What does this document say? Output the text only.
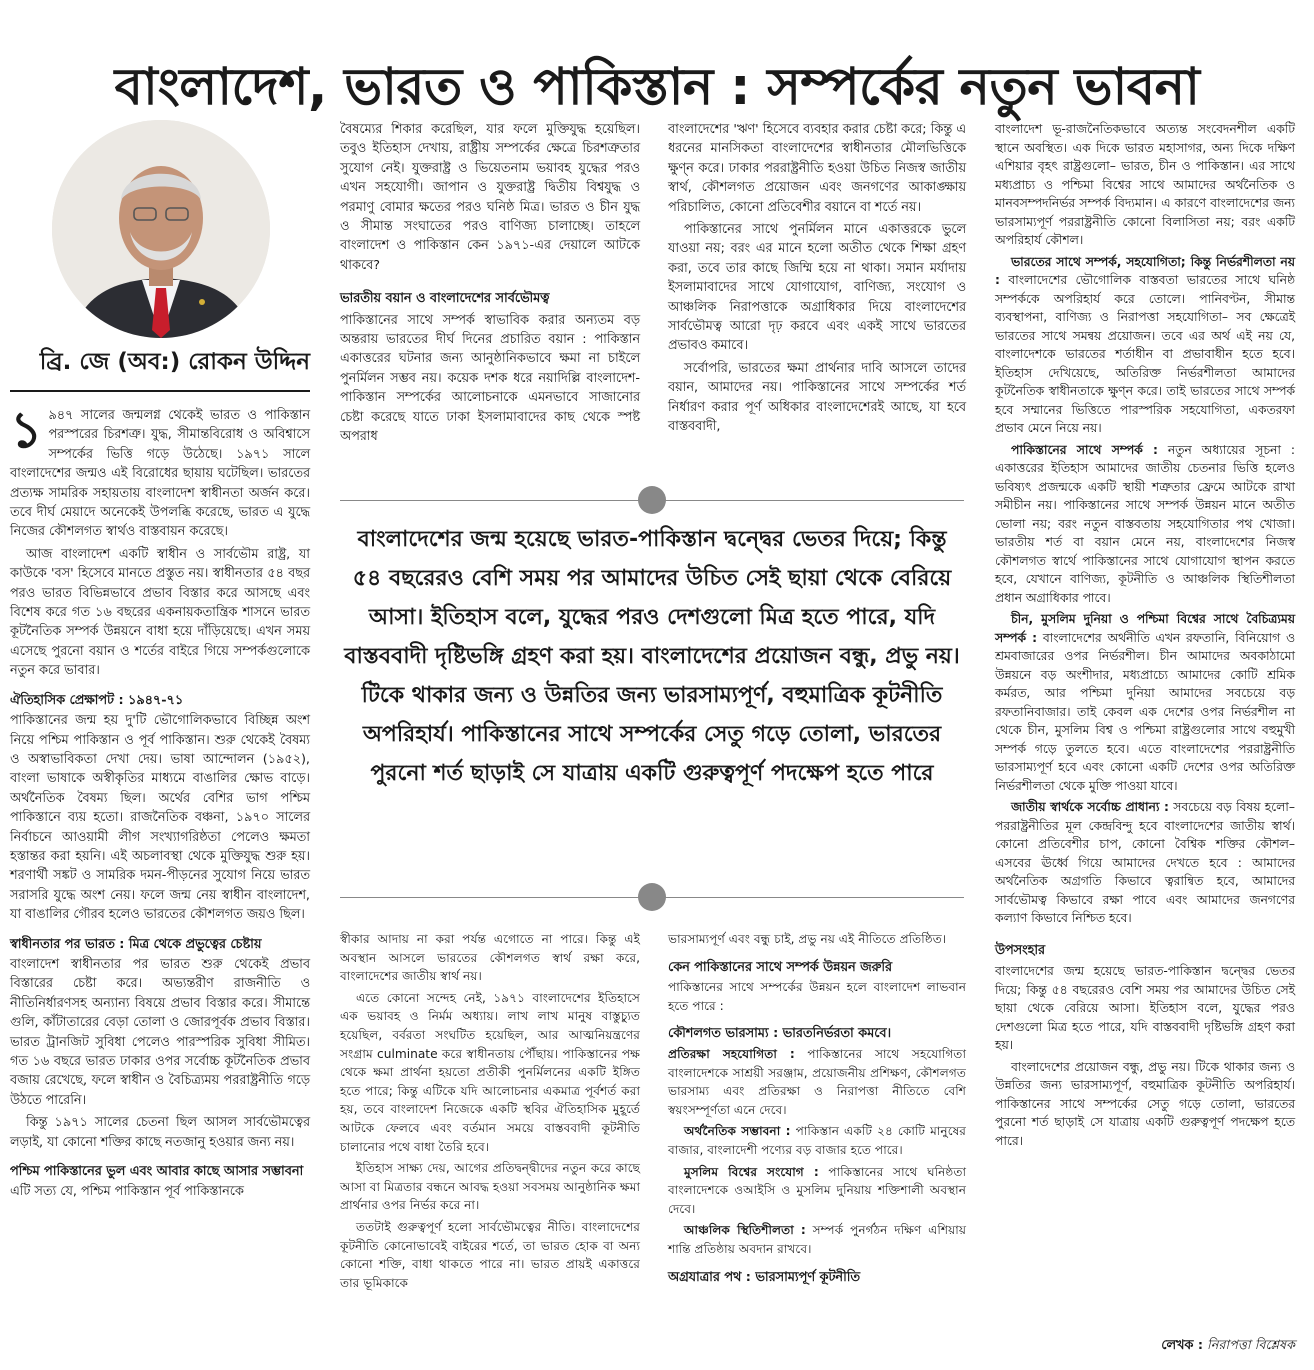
বাংলাদেশ, ভারত ও পাকিস্তান : সম্পর্কের নতুন ভাবনা
ব্রি. জে (অব:) রোকন উদ্দিন

১ ৯৪৭ সালের জন্মলগ্ন থেকেই ভারত ও পাকিস্তান পরস্পরের চিরশত্রু। যুদ্ধ, সীমান্তবিরোধ ও অবিশ্বাসে সম্পর্কের ভিত্তি গড়ে উঠেছে। ১৯৭১ সালে বাংলাদেশের জন্মও এই বিরোধের ছায়ায় ঘটেছিল। ভারতের প্রত্যক্ষ সামরিক সহায়তায় বাংলাদেশ স্বাধীনতা অর্জন করে। তবে দীর্ঘ মেয়াদে অনেকেই উপলব্ধি করেছে, ভারত এ যুদ্ধে নিজের কৌশলগত স্বার্থও বাস্তবায়ন করেছে।

আজ বাংলাদেশ একটি স্বাধীন ও সার্বভৌম রাষ্ট্র, যা কাউকে 'বস' হিসেবে মানতে প্রস্তুত নয়। স্বাধীনতার ৫৪ বছর পরও ভারত বিভিন্নভাবে প্রভাব বিস্তার করে আসছে এবং বিশেষ করে গত ১৬ বছরের একনায়কতান্ত্রিক শাসনে ভারত কূটনৈতিক সম্পর্ক উন্নয়নে বাধা হয়ে দাঁড়িয়েছে। এখন সময় এসেছে পুরনো বয়ান ও শর্তের বাইরে গিয়ে সম্পর্কগুলোকে নতুন করে ভাবার।

ঐতিহাসিক প্রেক্ষাপট : ১৯৪৭-৭১

পাকিস্তানের জন্ম হয় দু'টি ভৌগোলিকভাবে বিচ্ছিন্ন অংশ নিয়ে পশ্চিম পাকিস্তান ও পূর্ব পাকিস্তান। শুরু থেকেই বৈষম্য ও অস্বাভাবিকতা দেখা দেয়। ভাষা আন্দোলন (১৯৫২), বাংলা ভাষাকে অস্বীকৃতির মাধ্যমে বাঙালির ক্ষোভ বাড়ে। অর্থনৈতিক বৈষম্য ছিল। অর্থের বেশির ভাগ পশ্চিম পাকিস্তানে ব্যয় হতো। রাজনৈতিক বঞ্চনা, ১৯৭০ সালের নির্বাচনে আওয়ামী লীগ সংখ্যাগরিষ্ঠতা পেলেও ক্ষমতা হস্তান্তর করা হয়নি। এই অচলাবস্থা থেকে মুক্তিযুদ্ধ শুরু হয়। শরণার্থী সঙ্কট ও সামরিক দমন-পীড়নের সুযোগ নিয়ে ভারত সরাসরি যুদ্ধে অংশ নেয়। ফলে জন্ম নেয় স্বাধীন বাংলাদেশ, যা বাঙালির গৌরব হলেও ভারতের কৌশলগত জয়ও ছিল।

স্বাধীনতার পর ভারত : মিত্র থেকে প্রভুত্বের চেষ্টায়

বাংলাদেশ স্বাধীনতার পর ভারত শুরু থেকেই প্রভাব বিস্তারের চেষ্টা করে। অভ্যন্তরীণ রাজনীতি ও নীতিনির্ধারণসহ অন্যান্য বিষয়ে প্রভাব বিস্তার করে। সীমান্তে গুলি, কাঁটাতারের বেড়া তোলা ও জোরপূর্বক প্রভাব বিস্তার। ভারত ট্রানজিট সুবিধা পেলেও পারস্পরিক সুবিধা সীমিত। গত ১৬ বছরে ভারত ঢাকার ওপর সর্বোচ্চ কূটনৈতিক প্রভাব বজায় রেখেছে, ফলে স্বাধীন ও বৈচিত্র্যময় পররাষ্ট্রনীতি গড়ে উঠতে পারেনি।

কিন্তু ১৯৭১ সালের চেতনা ছিল আসল সার্বভৌমত্বের লড়াই, যা কোনো শক্তির কাছে নতজানু হওয়ার জন্য নয়।

পশ্চিম পাকিস্তানের ভুল এবং আবার কাছে আসার সম্ভাবনা

এটি সত্য যে, পশ্চিম পাকিস্তান পূর্ব পাকিস্তানকে

বৈষম্যের শিকার করেছিল, যার ফলে মুক্তিযুদ্ধ হয়েছিল। তবুও ইতিহাস দেখায়, রাষ্ট্রীয় সম্পর্কের ক্ষেত্রে চিরশত্রুতার সুযোগ নেই। যুক্তরাষ্ট্র ও ভিয়েতনাম ভয়াবহ যুদ্ধের পরও এখন সহযোগী। জাপান ও যুক্তরাষ্ট্র দ্বিতীয় বিশ্বযুদ্ধ ও পরমাণু বোমার ক্ষতের পরও ঘনিষ্ঠ মিত্র। ভারত ও চীন যুদ্ধ ও সীমান্ত সংঘাতের পরও বাণিজ্য চালাচ্ছে। তাহলে বাংলাদেশ ও পাকিস্তান কেন ১৯৭১-এর দেয়ালে আটকে থাকবে?

ভারতীয় বয়ান ও বাংলাদেশের সার্বভৌমত্ব

পাকিস্তানের সাথে সম্পর্ক স্বাভাবিক করার অন্যতম বড় অন্তরায় ভারতের দীর্ঘ দিনের প্রচারিত বয়ান : পাকিস্তান একাত্তরের ঘটনার জন্য আনুষ্ঠানিকভাবে ক্ষমা না চাইলে পুনর্মিলন সম্ভব নয়। কয়েক দশক ধরে নয়াদিল্লি বাংলাদেশ-পাকিস্তান সম্পর্কের আলোচনাকে এমনভাবে সাজানোর চেষ্টা করেছে যাতে ঢাকা ইসলামাবাদের কাছ থেকে স্পষ্ট অপরাধ

বাংলাদেশের 'ঋণ' হিসেবে ব্যবহার করার চেষ্টা করে; কিন্তু এ ধরনের মানসিকতা বাংলাদেশের স্বাধীনতার মৌলভিত্তিকে ক্ষুণ্ন করে। ঢাকার পররাষ্ট্রনীতি হওয়া উচিত নিজস্ব জাতীয় স্বার্থ, কৌশলগত প্রয়োজন এবং জনগণের আকাঙ্ক্ষায় পরিচালিত, কোনো প্রতিবেশীর বয়ানে বা শর্তে নয়।

পাকিস্তানের সাথে পুনর্মিলন মানে একাত্তরকে ভুলে যাওয়া নয়; বরং এর মানে হলো অতীত থেকে শিক্ষা গ্রহণ করা, তবে তার কাছে জিম্মি হয়ে না থাকা। সমান মর্যাদায় ইসলামাবাদের সাথে যোগাযোগ, বাণিজ্য, সংযোগ ও আঞ্চলিক নিরাপত্তাকে অগ্রাধিকার দিয়ে বাংলাদেশের সার্বভৌমত্ব আরো দৃঢ় করবে এবং একই সাথে ভারতের প্রভাবও কমাবে।

সর্বোপরি, ভারতের ক্ষমা প্রার্থনার দাবি আসলে তাদের বয়ান, আমাদের নয়। পাকিস্তানের সাথে সম্পর্কের শর্ত নির্ধারণ করার পূর্ণ অধিকার বাংলাদেশেরই আছে, যা হবে বাস্তববাদী,

বাংলাদেশের জন্ম হয়েছে ভারত-পাকিস্তান দ্বন্দ্বের ভেতর দিয়ে; কিন্তু ৫৪ বছরেরও বেশি সময় পর আমাদের উচিত সেই ছায়া থেকে বেরিয়ে আসা। ইতিহাস বলে, যুদ্ধের পরও দেশগুলো মিত্র হতে পারে, যদি বাস্তববাদী দৃষ্টিভঙ্গি গ্রহণ করা হয়। বাংলাদেশের প্রয়োজন বন্ধু, প্রভু নয়। টিকে থাকার জন্য ও উন্নতির জন্য ভারসাম্যপূর্ণ, বহুমাত্রিক কূটনীতি অপরিহার্য। পাকিস্তানের সাথে সম্পর্কের সেতু গড়ে তোলা, ভারতের পুরনো শর্ত ছাড়াই সে যাত্রায় একটি গুরুত্বপূর্ণ পদক্ষেপ হতে পারে

স্বীকার আদায় না করা পর্যন্ত এগোতে না পারে। কিন্তু এই অবস্থান আসলে ভারতের কৌশলগত স্বার্থ রক্ষা করে, বাংলাদেশের জাতীয় স্বার্থ নয়।

এতে কোনো সন্দেহ নেই, ১৯৭১ বাংলাদেশের ইতিহাসে এক ভয়াবহ ও নির্মম অধ্যায়। লাখ লাখ মানুষ বাস্তুচ্যুত হয়েছিল, বর্বরতা সংঘটিত হয়েছিল, আর আত্মনিয়ন্ত্রণের সংগ্রাম culminate করে স্বাধীনতায় পৌঁছায়। পাকিস্তানের পক্ষ থেকে ক্ষমা প্রার্থনা হয়তো প্রতীকী পুনর্মিলনের একটি ইঙ্গিত হতে পারে; কিন্তু এটিকে যদি আলোচনার একমাত্র পূর্বশর্ত করা হয়, তবে বাংলাদেশ নিজেকে একটি স্থবির ঐতিহাসিক মুহূর্তে আটকে ফেলবে এবং বর্তমান সময়ে বাস্তববাদী কূটনীতি চালানোর পথে বাধা তৈরি হবে।

ইতিহাস সাক্ষ্য দেয়, আগের প্রতিদ্বন্দ্বীদের নতুন করে কাছে আসা বা মিত্রতার বন্ধনে আবদ্ধ হওয়া সবসময় আনুষ্ঠানিক ক্ষমা প্রার্থনার ওপর নির্ভর করে না।

ততটাই গুরুত্বপূর্ণ হলো সার্বভৌমত্বের নীতি। বাংলাদেশের কূটনীতি কোনোভাবেই বাইরের শর্তে, তা ভারত হোক বা অন্য কোনো শক্তি, বাধা থাকতে পারে না। ভারত প্রায়ই একাত্তরে তার ভূমিকাকে

ভারসাম্যপূর্ণ এবং বন্ধু চাই, প্রভু নয় এই নীতিতে প্রতিষ্ঠিত।

কেন পাকিস্তানের সাথে সম্পর্ক উন্নয়ন জরুরি

পাকিস্তানের সাথে সম্পর্কের উন্নয়ন হলে বাংলাদেশ লাভবান হতে পারে :

কৌশলগত ভারসাম্য : ভারতনির্ভরতা কমবে।

প্রতিরক্ষা সহযোগিতা : পাকিস্তানের সাথে সহযোগিতা বাংলাদেশকে সাশ্রয়ী সরঞ্জাম, প্রয়োজনীয় প্রশিক্ষণ, কৌশলগত ভারসাম্য এবং প্রতিরক্ষা ও নিরাপত্তা নীতিতে বেশি স্বয়ংসম্পূর্ণতা এনে দেবে।

অর্থনৈতিক সম্ভাবনা : পাকিস্তান একটি ২৪ কোটি মানুষের বাজার, বাংলাদেশী পণ্যের বড় বাজার হতে পারে।

মুসলিম বিশ্বের সংযোগ : পাকিস্তানের সাথে ঘনিষ্ঠতা বাংলাদেশকে ওআইসি ও মুসলিম দুনিয়ায় শক্তিশালী অবস্থান দেবে।

আঞ্চলিক স্থিতিশীলতা : সম্পর্ক পুনর্গঠন দক্ষিণ এশিয়ায় শান্তি প্রতিষ্ঠায় অবদান রাখবে।

অগ্রযাত্রার পথ : ভারসাম্যপূর্ণ কূটনীতি

বাংলাদেশ ভূ-রাজনৈতিকভাবে অত্যন্ত সংবেদনশীল একটি স্থানে অবস্থিত। এক দিকে ভারত মহাসাগর, অন্য দিকে দক্ষিণ এশিয়ার বৃহৎ রাষ্ট্রগুলো– ভারত, চীন ও পাকিস্তান। এর সাথে মধ্যপ্রাচ্য ও পশ্চিমা বিশ্বের সাথে আমাদের অর্থনৈতিক ও মানবসম্পদনির্ভর সম্পর্ক বিদ্যমান। এ কারণে বাংলাদেশের জন্য ভারসাম্যপূর্ণ পররাষ্ট্রনীতি কোনো বিলাসিতা নয়; বরং একটি অপরিহার্য কৌশল।

ভারতের সাথে সম্পর্ক, সহযোগিতা; কিন্তু নির্ভরশীলতা নয় : বাংলাদেশের ভৌগোলিক বাস্তবতা ভারতের সাথে ঘনিষ্ঠ সম্পর্ককে অপরিহার্য করে তোলে। পানিবণ্টন, সীমান্ত ব্যবস্থাপনা, বাণিজ্য ও নিরাপত্তা সহযোগিতা– সব ক্ষেত্রেই ভারতের সাথে সমন্বয় প্রয়োজন। তবে এর অর্থ এই নয় যে, বাংলাদেশকে ভারতের শর্তাধীন বা প্রভাবাধীন হতে হবে। ইতিহাস দেখিয়েছে, অতিরিক্ত নির্ভরশীলতা আমাদের কূটনৈতিক স্বাধীনতাকে ক্ষুণ্ন করে। তাই ভারতের সাথে সম্পর্ক হবে সম্মানের ভিত্তিতে পারস্পরিক সহযোগিতা, একতরফা প্রভাব মেনে নিয়ে নয়।

পাকিস্তানের সাথে সম্পর্ক : নতুন অধ্যায়ের সূচনা : একাত্তরের ইতিহাস আমাদের জাতীয় চেতনার ভিত্তি হলেও ভবিষ্যৎ প্রজন্মকে একটি স্থায়ী শত্রুতার ফ্রেমে আটকে রাখা সমীচীন নয়। পাকিস্তানের সাথে সম্পর্ক উন্নয়ন মানে অতীত ভোলা নয়; বরং নতুন বাস্তবতায় সহযোগিতার পথ খোজা। ভারতীয় শর্ত বা বয়ান মেনে নয়, বাংলাদেশের নিজস্ব কৌশলগত স্বার্থে পাকিস্তানের সাথে যোগাযোগ স্থাপন করতে হবে, যেখানে বাণিজ্য, কূটনীতি ও আঞ্চলিক স্থিতিশীলতা প্রধান অগ্রাধিকার পাবে।

চীন, মুসলিম দুনিয়া ও পশ্চিমা বিশ্বের সাথে বৈচিত্র্যময় সম্পর্ক : বাংলাদেশের অর্থনীতি এখন রফতানি, বিনিয়োগ ও শ্রমবাজারের ওপর নির্ভরশীল। চীন আমাদের অবকাঠামো উন্নয়নে বড় অংশীদার, মধ্যপ্রাচ্যে আমাদের কোটি শ্রমিক কর্মরত, আর পশ্চিমা দুনিয়া আমাদের সবচেয়ে বড় রফতানিবাজার। তাই কেবল এক দেশের ওপর নির্ভরশীল না থেকে চীন, মুসলিম বিশ্ব ও পশ্চিমা রাষ্ট্রগুলোর সাথে বহুমুখী সম্পর্ক গড়ে তুলতে হবে। এতে বাংলাদেশের পররাষ্ট্রনীতি ভারসাম্যপূর্ণ হবে এবং কোনো একটি দেশের ওপর অতিরিক্ত নির্ভরশীলতা থেকে মুক্তি পাওয়া যাবে।

জাতীয় স্বার্থকে সর্বোচ্চ প্রাধান্য : সবচেয়ে বড় বিষয় হলো– পররাষ্ট্রনীতির মূল কেন্দ্রবিন্দু হবে বাংলাদেশের জাতীয় স্বার্থ। কোনো প্রতিবেশীর চাপ, কোনো বৈশ্বিক শক্তির কৌশল– এসবের ঊর্ধ্বে গিয়ে আমাদের দেখতে হবে : আমাদের অর্থনৈতিক অগ্রগতি কিভাবে ত্বরান্বিত হবে, আমাদের সার্বভৌমত্ব কিভাবে রক্ষা পাবে এবং আমাদের জনগণের কল্যাণ কিভাবে নিশ্চিত হবে।

উপসংহার

বাংলাদেশের জন্ম হয়েছে ভারত-পাকিস্তান দ্বন্দ্বের ভেতর দিয়ে; কিন্তু ৫৪ বছরেরও বেশি সময় পর আমাদের উচিত সেই ছায়া থেকে বেরিয়ে আসা। ইতিহাস বলে, যুদ্ধের পরও দেশগুলো মিত্র হতে পারে, যদি বাস্তববাদী দৃষ্টিভঙ্গি গ্রহণ করা হয়।

বাংলাদেশের প্রয়োজন বন্ধু, প্রভু নয়। টিকে থাকার জন্য ও উন্নতির জন্য ভারসাম্যপূর্ণ, বহুমাত্রিক কূটনীতি অপরিহার্য। পাকিস্তানের সাথে সম্পর্কের সেতু গড়ে তোলা, ভারতের পুরনো শর্ত ছাড়াই সে যাত্রায় একটি গুরুত্বপূর্ণ পদক্ষেপ হতে পারে।

লেখক : নিরাপত্তা বিশ্লেষক
